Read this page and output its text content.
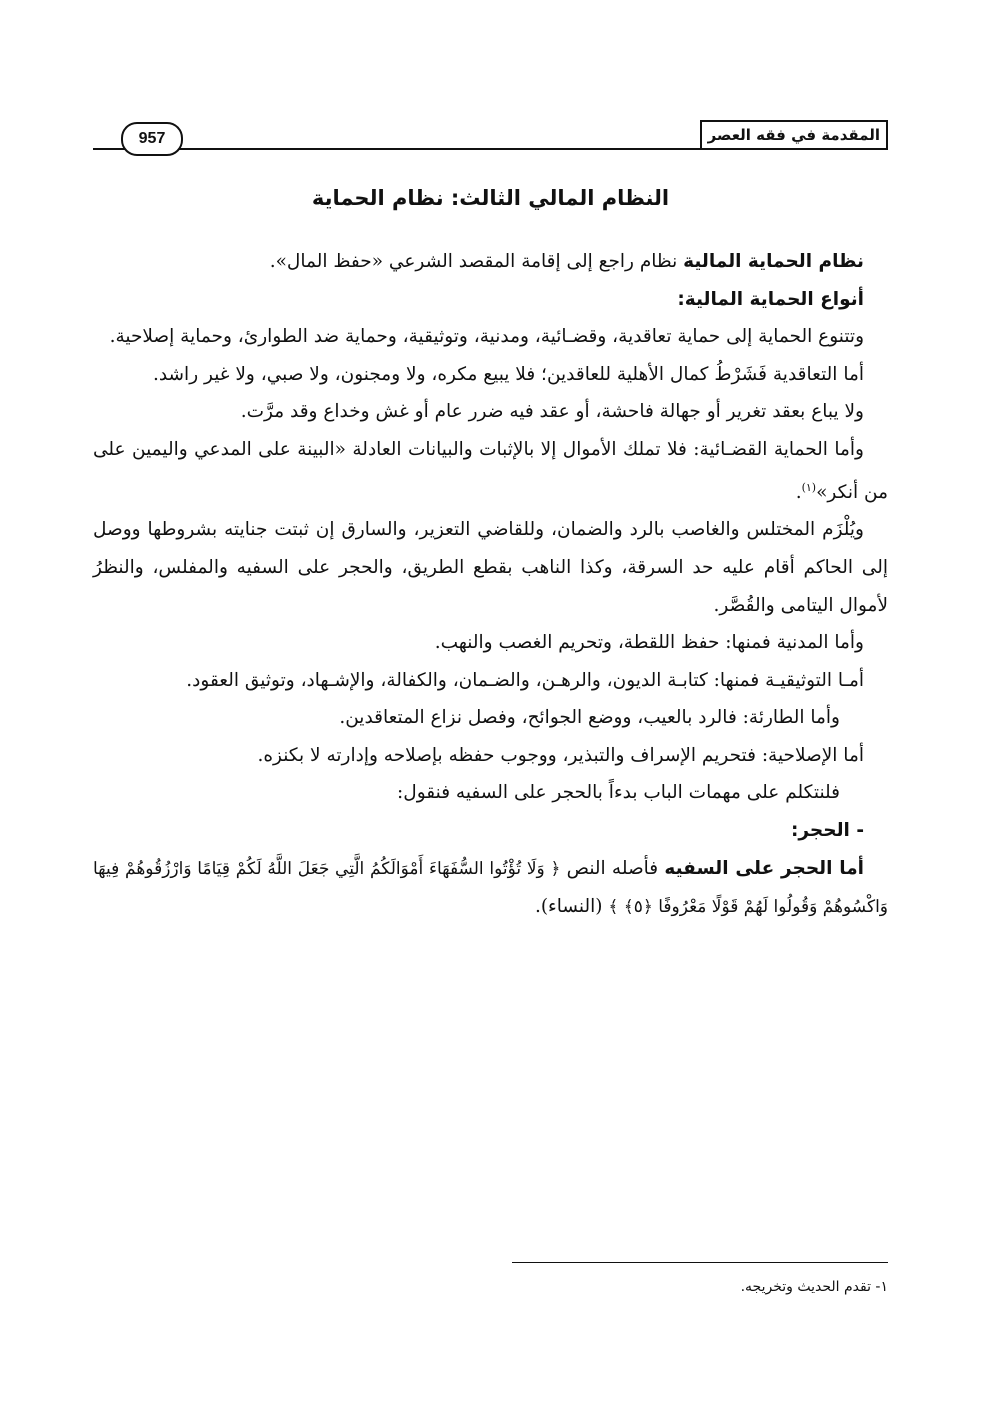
المقدمة في فقه العصر
957
النظام المالي الثالث: نظام الحماية

نظام الحماية المالية نظام راجع إلى إقامة المقصد الشرعي «حفظ المال».

أنواع الحماية المالية:

وتتنوع الحماية إلى حماية تعاقدية، وقضـائية، ومدنية، وتوثيقية، وحماية ضد الطوارئ، وحماية إصلاحية.

أما التعاقدية فَشَرْطُ كمال الأهلية للعاقدين؛ فلا يبيع مكره، ولا ومجنون، ولا صبي، ولا غير راشد.

ولا يباع بعقد تغرير أو جهالة فاحشة، أو عقد فيه ضرر عام أو غش وخداع وقد مرَّت.

وأما الحماية القضـائية: فلا تملك الأموال إلا بالإثبات والبيانات العادلة «البينة على المدعي واليمين على من أنكر»$^{(١)}$.

ويُلْزَم المختلس والغاصب بالرد والضمان، وللقاضي التعزير، والسارق إن ثبتت جنايته بشروطها ووصل إلى الحاكم أقام عليه حد السرقة، وكذا الناهب بقطع الطريق، والحجر على السفيه والمفلس، والنظرُ لأموال اليتامى والقُصَّر.

وأما المدنية فمنها: حفظ اللقطة، وتحريم الغصب والنهب.

أمـا التوثيقيـة فمنها: كتابـة الديون، والرهـن، والضـمان، والكفالة، والإشـهاد، وتوثيق العقود.

وأما الطارئة: فالرد بالعيب، ووضع الجوائح، وفصل نزاع المتعاقدين.

أما الإصلاحية: فتحريم الإسراف والتبذير، ووجوب حفظه بإصلاحه وإدارته لا بكنزه.

فلنتكلم على مهمات الباب بدءاً بالحجر على السفيه فنقول:

- الحجر:

أما الحجر على السفيه فأصله النص ﴿ وَلَا تُؤْتُوا السُّفَهَاءَ أَمْوَالَكُمُ الَّتِي جَعَلَ اللَّهُ لَكُمْ قِيَامًا وَارْزُقُوهُمْ فِيهَا وَاكْسُوهُمْ وَقُولُوا لَهُمْ قَوْلًا مَعْرُوفًا ﴿٥﴾ ﴾ (النساء).

١- تقدم الحديث وتخريجه.
